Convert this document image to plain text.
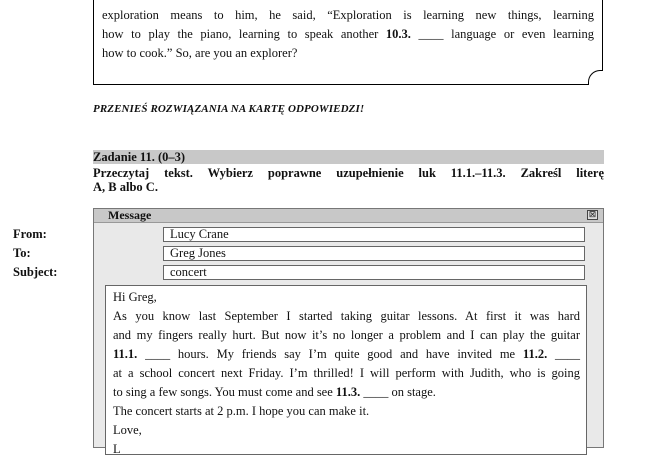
exploration means to him, he said, “Exploration is learning new things, learning
how to play the piano, learning to speak another 10.3. ____ language or even learning
how to cook.” So, are you an explorer?
PRZENIEŚ ROZWIĄZANIA NA KARTĘ ODPOWIEDZI!
Zadanie 11. (0–3)
Przeczytaj tekst. Wybierz poprawne uzupełnienie luk 11.1.–11.3. Zakreśl literę
A, B albo C.
Message	⊠
From:	Lucy Crane
To:	Greg Jones
Subject:	concert
Hi Greg,
As you know last September I started taking guitar lessons. At first it was hard
and my fingers really hurt. But now it’s no longer a problem and I can play the guitar
11.1. ____ hours. My friends say I’m quite good and have invited me 11.2. ____
at a school concert next Friday. I’m thrilled! I will perform with Judith, who is going
to sing a few songs. You must come and see 11.3. ____ on stage.
The concert starts at 2 p.m. I hope you can make it.
Love,
L
